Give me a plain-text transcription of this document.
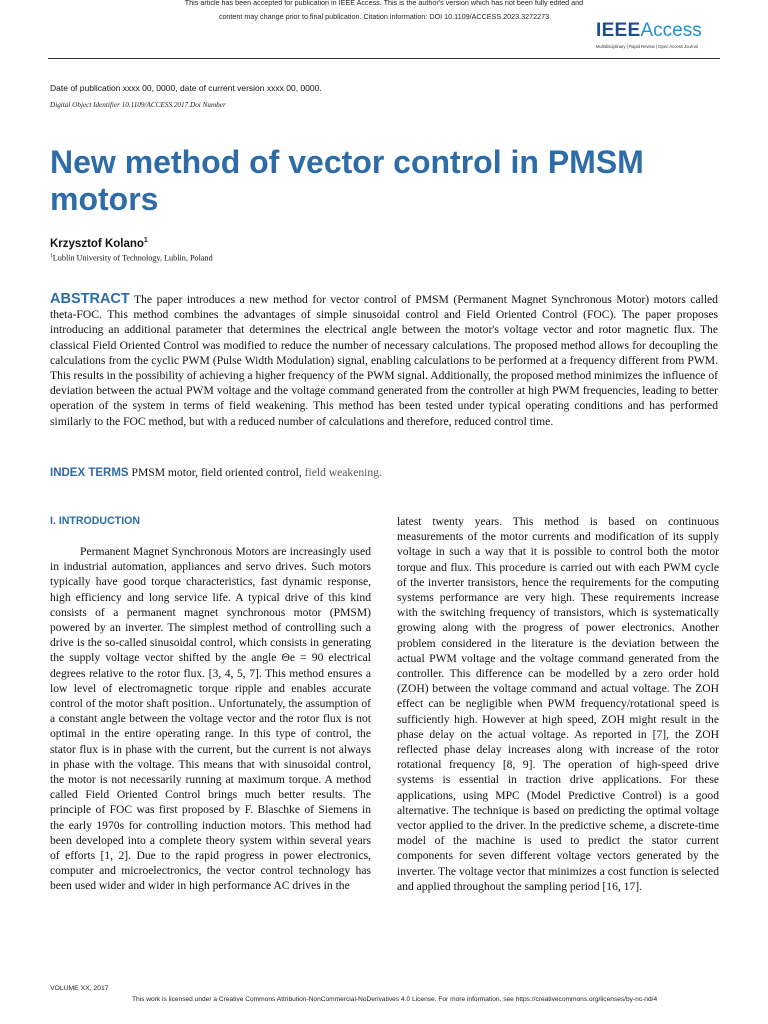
This article has been accepted for publication in IEEE Access. This is the author's version which has not been fully edited and
content may change prior to final publication. Citation information: DOI 10.1109/ACCESS.2023.3272273
IEEEAccess
Multidisciplinary | Rapid Review | Open Access Journal
Date of publication xxxx 00, 0000, date of current version xxxx 00, 0000.
Digital Object Identifier 10.1109/ACCESS.2017.Doi Number
New method of vector control in PMSM motors
Krzysztof Kolano$^1$
$^1$Lublin University of Technology, Lublin, Poland
ABSTRACT The paper introduces a new method for vector control of PMSM (Permanent Magnet Synchronous Motor) motors called theta-FOC. This method combines the advantages of simple sinusoidal control and Field Oriented Control (FOC). The paper proposes introducing an additional parameter that determines the electrical angle between the motor's voltage vector and rotor magnetic flux. The classical Field Oriented Control was modified to reduce the number of necessary calculations. The proposed method allows for decoupling the calculations from the cyclic PWM (Pulse Width Modulation) signal, enabling calculations to be performed at a frequency different from PWM. This results in the possibility of achieving a higher frequency of the PWM signal. Additionally, the proposed method minimizes the influence of deviation between the actual PWM voltage and the voltage command generated from the controller at high PWM frequencies, leading to better operation of the system in terms of field weakening. This method has been tested under typical operating conditions and has performed similarly to the FOC method, but with a reduced number of calculations and therefore, reduced control time.
INDEX TERMS PMSM motor, field oriented control, field weakening.
I. INTRODUCTION
Permanent Magnet Synchronous Motors are increasingly used in industrial automation, appliances and servo drives. Such motors typically have good torque characteristics, fast dynamic response, high efficiency and long service life. A typical drive of this kind consists of a permanent magnet synchronous motor (PMSM) powered by an inverter. The simplest method of controlling such a drive is the so-called sinusoidal control, which consists in generating the supply voltage vector shifted by the angle Θe = 90 electrical degrees relative to the rotor flux. [3, 4, 5, 7]. This method ensures a low level of electromagnetic torque ripple and enables accurate control of the motor shaft position.. Unfortunately, the assumption of a constant angle between the voltage vector and the rotor flux is not optimal in the entire operating range. In this type of control, the stator flux is in phase with the current, but the current is not always in phase with the voltage. This means that with sinusoidal control, the motor is not necessarily running at maximum torque. A method called Field Oriented Control brings much better results. The principle of FOC was first proposed by F. Blaschke of Siemens in the early 1970s for controlling induction motors. This method had been developed into a complete theory system within several years of efforts [1, 2]. Due to the rapid progress in power electronics, computer and microelectronics, the vector control technology has been used wider and wider in high performance AC drives in the
latest twenty years. This method is based on continuous measurements of the motor currents and modification of its supply voltage in such a way that it is possible to control both the motor torque and flux. This procedure is carried out with each PWM cycle of the inverter transistors, hence the requirements for the computing systems performance are very high. These requirements increase with the switching frequency of transistors, which is systematically growing along with the progress of power electronics. Another problem considered in the literature is the deviation between the actual PWM voltage and the voltage command generated from the controller. This difference can be modelled by a zero order hold (ZOH) between the voltage command and actual voltage. The ZOH effect can be negligible when PWM frequency/rotational speed is sufficiently high. However at high speed, ZOH might result in the phase delay on the actual voltage. As reported in [7], the ZOH reflected phase delay increases along with increase of the rotor rotational frequency [8, 9]. The operation of high-speed drive systems is essential in traction drive applications. For these applications, using MPC (Model Predictive Control) is a good alternative. The technique is based on predicting the optimal voltage vector applied to the driver. In the predictive scheme, a discrete-time model of the machine is used to predict the stator current components for seven different voltage vectors generated by the inverter. The voltage vector that minimizes a cost function is selected and applied throughout the sampling period [16, 17].
VOLUME XX, 2017
This work is licensed under a Creative Commons Attribution-NonCommercial-NoDerivatives 4.0 License. For more information, see https://creativecommons.org/licenses/by-nc-nd/4
